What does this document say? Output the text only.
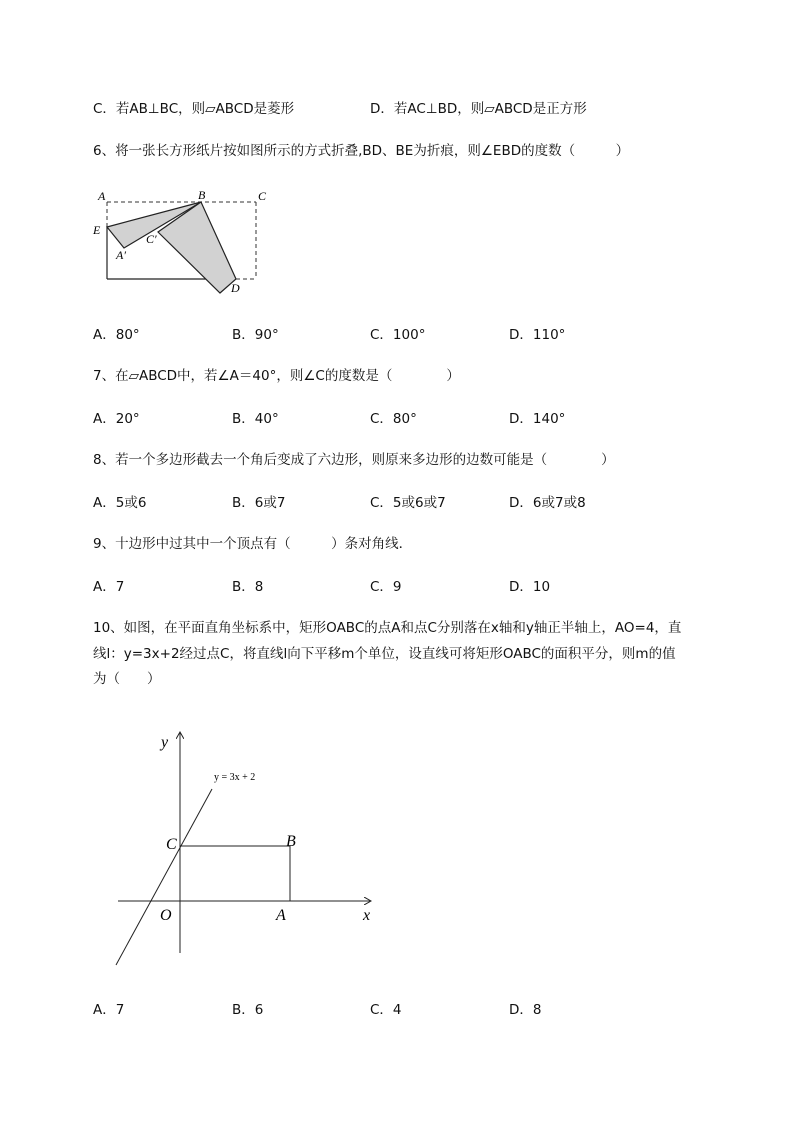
C．若AB⊥BC，则▱ABCD是菱形	D．若AC⊥BD，则▱ABCD是正方形
6、将一张长方形纸片按如图所示的方式折叠,BD、BE为折痕，则∠EBD的度数（　　　）
A	B	C
E
A′
C′
D
A．80°	B．90°	C．100°	D．110°
7、在▱ABCD中，若∠A＝40°，则∠C的度数是（　　　　）
A．20°	B．40°	C．80°	D．140°
8、若一个多边形截去一个角后变成了六边形，则原来多边形的边数可能是（　　　　）
A．5或6	B．6或7	C．5或6或7	D．6或7或8
9、十边形中过其中一个顶点有（　　　）条对角线．
A．7	B．8	C．9	D．10
10、如图，在平面直角坐标系中，矩形OABC的点A和点C分别落在x轴和y轴正半轴上，AO=4，直
线l：y=3x+2经过点C，将直线l向下平移m个单位，设直线可将矩形OABC的面积平分，则m的值
为（　　）
y
x
y = 3x + 2
C	B
O	A
A．7	B．6	C．4	D．8
